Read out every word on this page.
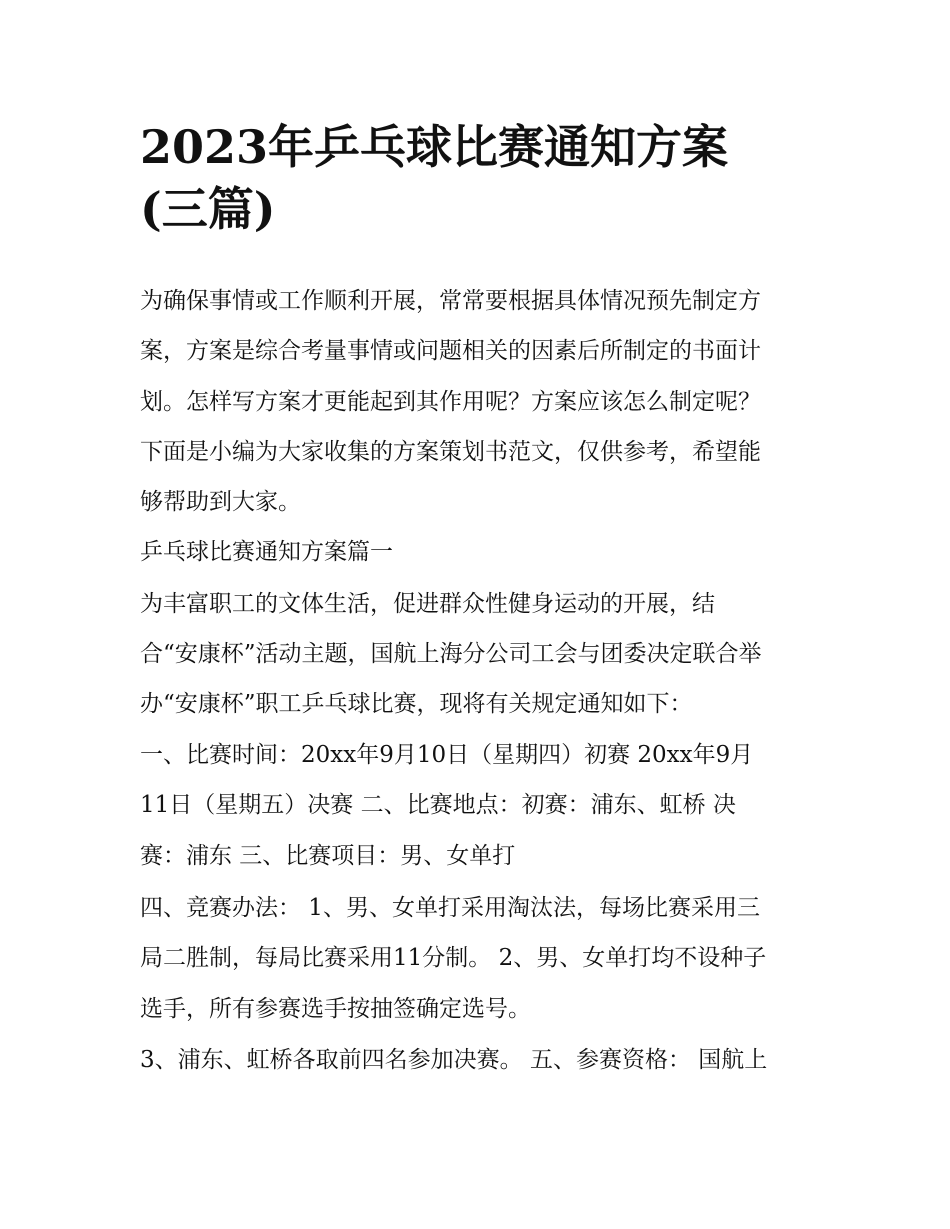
2023年乒乓球比赛通知方案
(三篇)

为确保事情或工作顺利开展，常常要根据具体情况预先制定方

案，方案是综合考量事情或问题相关的因素后所制定的书面计

划。怎样写方案才更能起到其作用呢？方案应该怎么制定呢？

下面是小编为大家收集的方案策划书范文，仅供参考，希望能

够帮助到大家。

乒乓球比赛通知方案篇一

为丰富职工的文体生活，促进群众性健身运动的开展，结

合“安康杯”活动主题，国航上海分公司工会与团委决定联合举

办“安康杯”职工乒乓球比赛，现将有关规定通知如下：

一、比赛时间：20xx年9月10日（星期四）初赛 20xx年9月

11日（星期五）决赛 二、比赛地点：初赛：浦东、虹桥 决

赛：浦东 三、比赛项目：男、女单打

四、竞赛办法： 1、男、女单打采用淘汰法，每场比赛采用三

局二胜制，每局比赛采用11分制。 2、男、女单打均不设种子

选手，所有参赛选手按抽签确定选号。

3、浦东、虹桥各取前四名参加决赛。 五、参赛资格： 国航上
